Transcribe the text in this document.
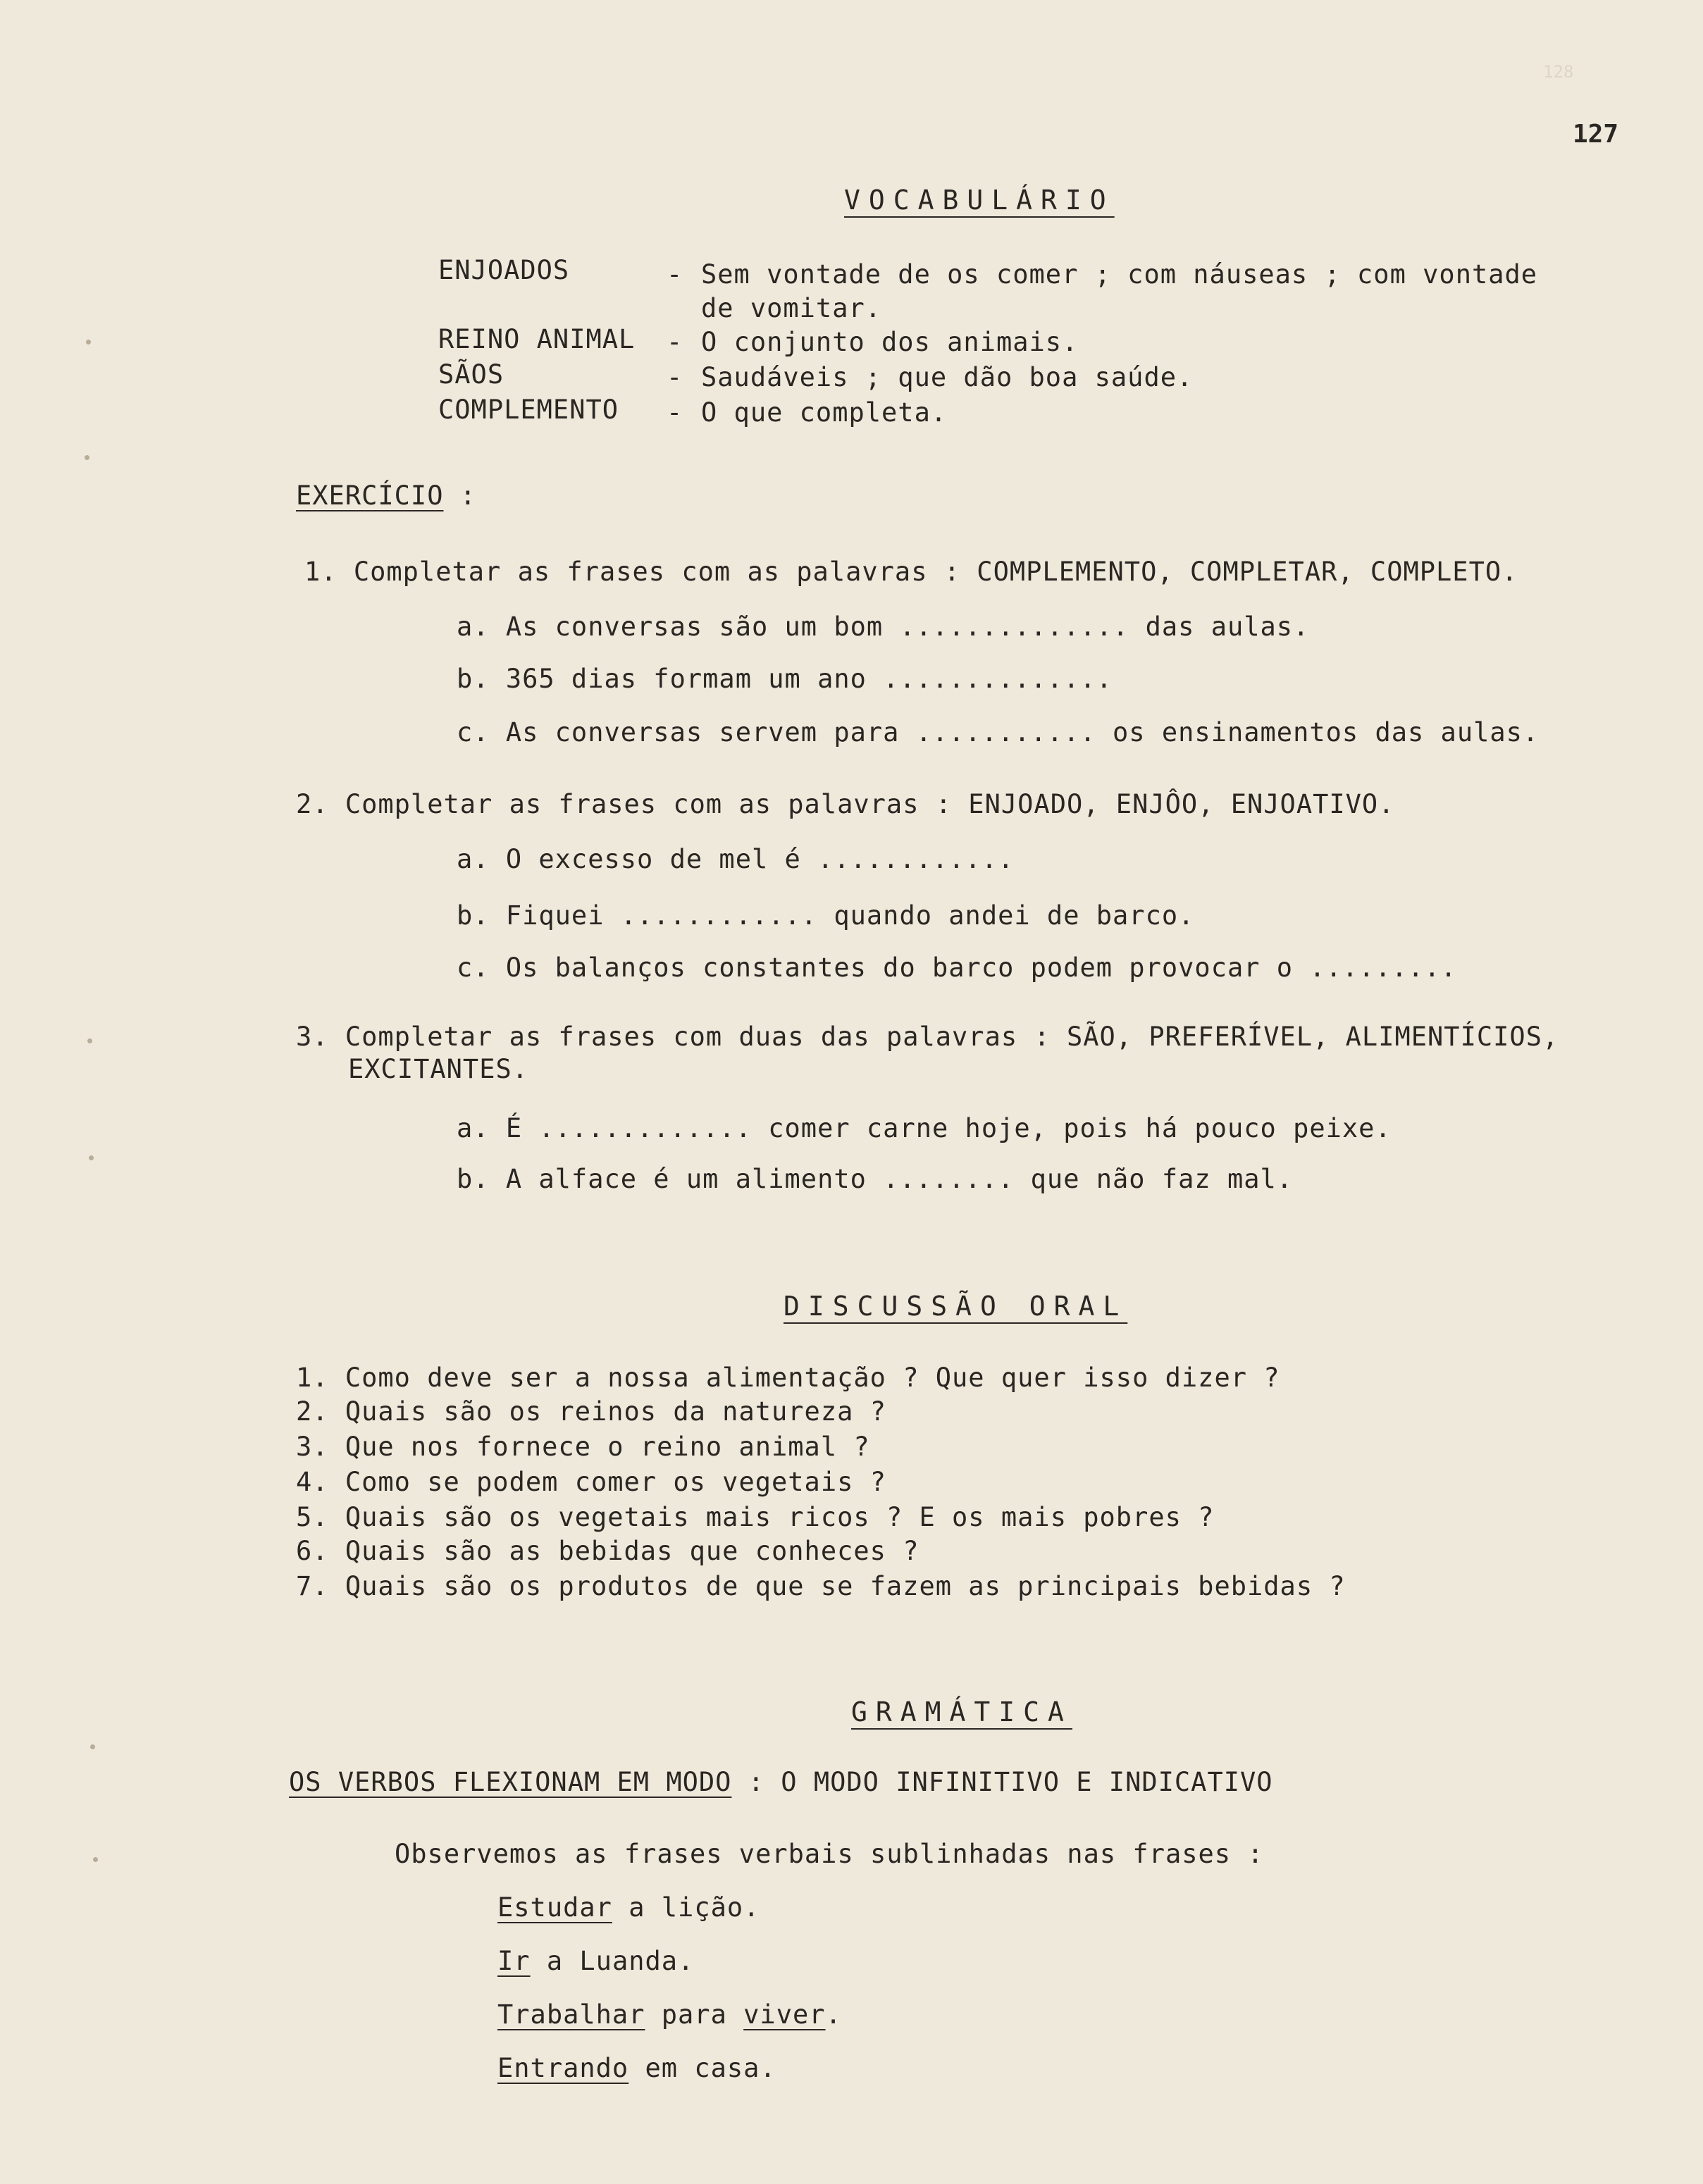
128
127
VOCABULÁRIO
ENJOADOS	- Sem vontade de os comer ; com náuseas ; com vontade
de vomitar.
REINO ANIMAL - O conjunto dos animais.
SÃOS	- Saudáveis ; que dão boa saúde.
COMPLEMENTO - O que completa.
EXERCÍCIO :
1. Completar as frases com as palavras : COMPLEMENTO, COMPLETAR, COMPLETO.
a. As conversas são um bom .............. das aulas.
b. 365 dias formam um ano ..............
c. As conversas servem para ........... os ensinamentos das aulas.
2. Completar as frases com as palavras : ENJOADO, ENJÔO, ENJOATIVO.
a. O excesso de mel é ............
b. Fiquei ............ quando andei de barco.
c. Os balanços constantes do barco podem provocar o .........
3. Completar as frases com duas das palavras : SÃO, PREFERÍVEL, ALIMENTÍCIOS,
EXCITANTES.
a. É ............. comer carne hoje, pois há pouco peixe.
b. A alface é um alimento ........ que não faz mal.
DISCUSSÃO ORAL
1. Como deve ser a nossa alimentação ? Que quer isso dizer ?
2. Quais são os reinos da natureza ?
3. Que nos fornece o reino animal ?
4. Como se podem comer os vegetais ?
5. Quais são os vegetais mais ricos ? E os mais pobres ?
6. Quais são as bebidas que conheces ?
7. Quais são os produtos de que se fazem as principais bebidas ?
GRAMÁTICA
OS VERBOS FLEXIONAM EM MODO : O MODO INFINITIVO E INDICATIVO
Observemos as frases verbais sublinhadas nas frases :
Estudar a lição.
Ir a Luanda.
Trabalhar para viver.
Entrando em casa.
